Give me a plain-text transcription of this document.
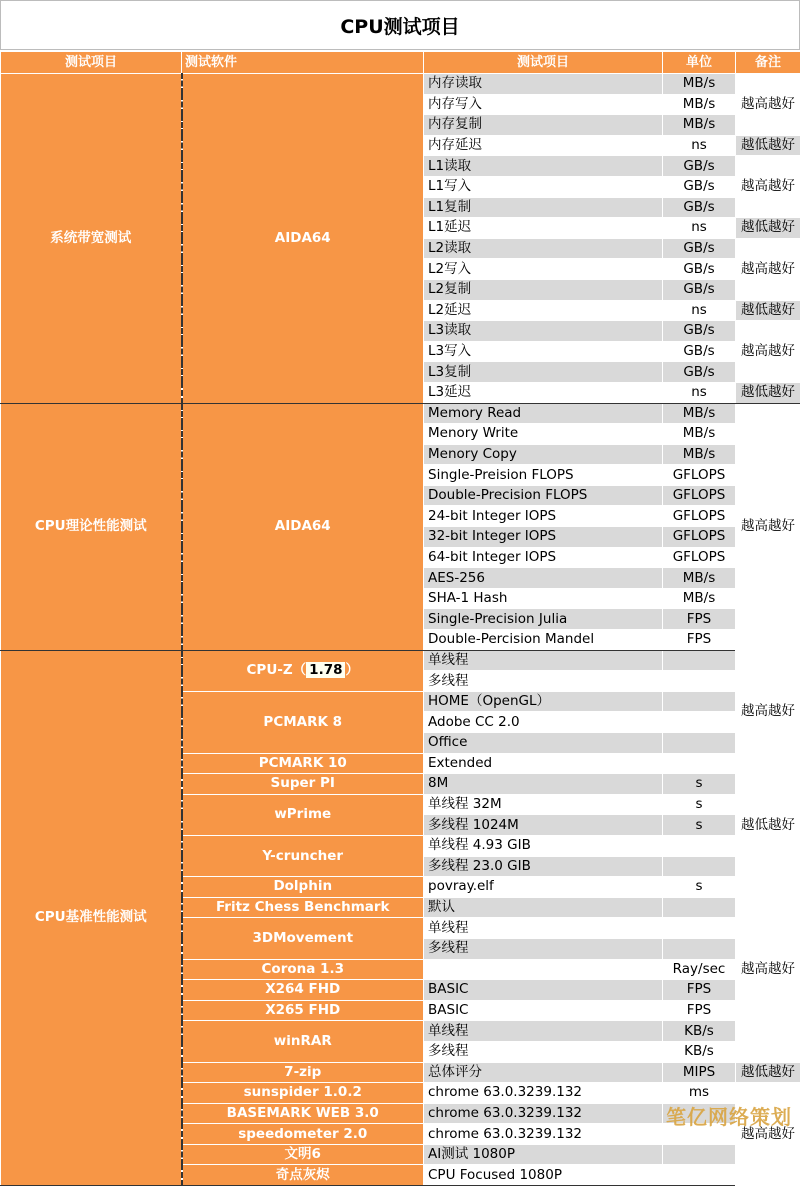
CPU测试项目
测试项目	测试软件	测试项目	单位	备注
系统带宽测试	AIDA64	内存读取	MB/s	越高越好
		内存写入	MB/s	
		内存复制	MB/s	
		内存延迟	ns	越低越好
		L1读取	GB/s	越高越好
		L1写入	GB/s	
		L1复制	GB/s	
		L1延迟	ns	越低越好
		L2读取	GB/s	越高越好
		L2写入	GB/s	
		L2复制	GB/s	
		L2延迟	ns	越低越好
		L3读取	GB/s	越高越好
		L3写入	GB/s	
		L3复制	GB/s	
		L3延迟	ns	越低越好
CPU理论性能测试	AIDA64	Memory Read	MB/s	越高越好
		Menory Write	MB/s	
		Menory Copy	MB/s	
		Single-Preision FLOPS	GFLOPS	
		Double-Precision FLOPS	GFLOPS	
		24-bit Integer IOPS	GFLOPS	
		32-bit Integer IOPS	GFLOPS	
		64-bit Integer IOPS	GFLOPS	
		AES-256	MB/s	
		SHA-1 Hash	MB/s	
		Single-Precision Julia	FPS	
		Double-Percision Mandel	FPS	
CPU基准性能测试	CPU-Z（ 1.78 ）	单线程		越高越好
		多线程		
	PCMARK 8	HOME（OpenGL）		
		Adobe CC 2.0		
		Office		
	PCMARK 10	Extended		
	Super PI	8M	s	越低越好
	wPrime	单线程 32M	s	
		多线程 1024M	s	
	Y-cruncher	单线程 4.93 GIB		
		多线程 23.0 GIB		
	Dolphin	povray.elf	s	越高越好
	Fritz Chess Benchmark	默认		
	3DMovement	单线程		
		多线程		
	Corona 1.3		Ray/sec	
	X264 FHD	BASIC	FPS	
	X265 FHD	BASIC	FPS	
	winRAR	单线程	KB/s	
		多线程	KB/s	
	7-zip	总体评分	MIPS	越低越好
	sunspider 1.0.2	chrome 63.0.3239.132	ms	越高越好
	BASEMARK WEB 3.0	chrome 63.0.3239.132		
	speedometer 2.0	chrome 63.0.3239.132		
	文明6	AI测试 1080P		
	奇点灰烬	CPU Focused 1080P		
笔亿网络策划
